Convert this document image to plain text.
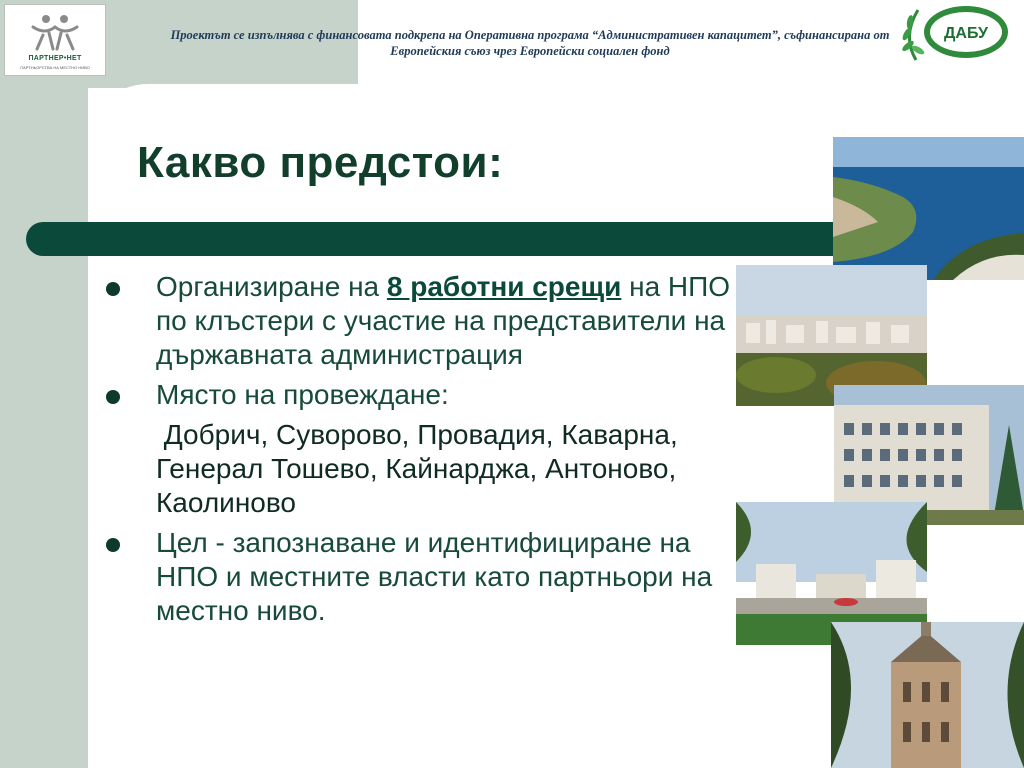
ПАРТНЕР•НЕТ
ПАРТНЬОРСТВА НА МЕСТНО НИВО
Проектът се изпълнява с финансовата подкрепа на Оперативна програма “Административен капацитет”, съфинансирана от Европейския съюз чрез Европейски социален фонд
ДАБУ
Какво предстои:
Организиране на 8 работни срещи на НПО по клъстери с участие на представители на държавната администрация
Място на провеждане:
Добрич, Суворово, Провадия, Каварна, Генерал Тошево, Кайнарджа, Антоново, Каолиново
Цел - запознаване и идентифициране на НПО и местните власти като партньори на местно ниво.
